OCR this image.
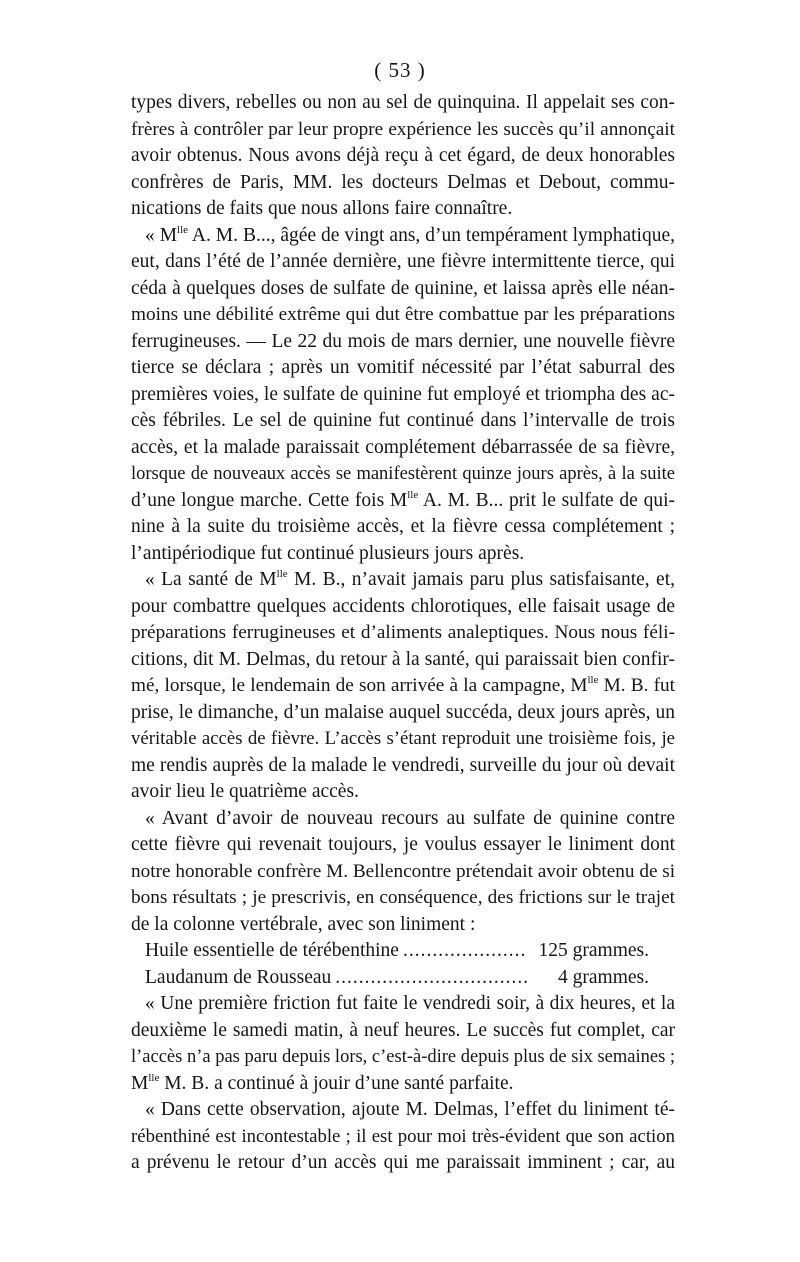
( 53 )
types divers, rebelles ou non au sel de quinquina. Il appelait ses con-
frères à contrôler par leur propre expérience les succès qu’il annonçait
avoir obtenus. Nous avons déjà reçu à cet égard, de deux honorables
confrères de Paris, MM. les docteurs Delmas et Debout, commu-
nications de faits que nous allons faire connaître.
« $M^{lle}$ A. M. B..., âgée de vingt ans, d’un tempérament lymphatique,
eut, dans l’été de l’année dernière, une fièvre intermittente tierce, qui
céda à quelques doses de sulfate de quinine, et laissa après elle néan-
moins une débilité extrême qui dut être combattue par les préparations
ferrugineuses. — Le 22 du mois de mars dernier, une nouvelle fièvre
tierce se déclara ; après un vomitif nécessité par l’état saburral des
premières voies, le sulfate de quinine fut employé et triompha des ac-
cès fébriles. Le sel de quinine fut continué dans l’intervalle de trois
accès, et la malade paraissait complétement débarrassée de sa fièvre,
lorsque de nouveaux accès se manifestèrent quinze jours après, à la suite
d’une longue marche. Cette fois $M^{lle}$ A. M. B... prit le sulfate de qui-
nine à la suite du troisième accès, et la fièvre cessa complétement ;
l’antipériodique fut continué plusieurs jours après.
« La santé de $M^{lle}$ M. B., n’avait jamais paru plus satisfaisante, et,
pour combattre quelques accidents chlorotiques, elle faisait usage de
préparations ferrugineuses et d’aliments analeptiques. Nous nous féli-
citions, dit M. Delmas, du retour à la santé, qui paraissait bien confir-
mé, lorsque, le lendemain de son arrivée à la campagne, $M^{lle}$ M. B. fut
prise, le dimanche, d’un malaise auquel succéda, deux jours après, un
véritable accès de fièvre. L’accès s’étant reproduit une troisième fois, je
me rendis auprès de la malade le vendredi, surveille du jour où devait
avoir lieu le quatrième accès.
« Avant d’avoir de nouveau recours au sulfate de quinine contre
cette fièvre qui revenait toujours, je voulus essayer le liniment dont
notre honorable confrère M. Bellencontre prétendait avoir obtenu de si
bons résultats ; je prescrivis, en conséquence, des frictions sur le trajet
de la colonne vertébrale, avec son liniment :
Huile essentielle de térébenthine .....	125 grammes.
Laudanum de Rousseau .....	4 grammes.
« Une première friction fut faite le vendredi soir, à dix heures, et la
deuxième le samedi matin, à neuf heures. Le succès fut complet, car
l’accès n’a pas paru depuis lors, c’est-à-dire depuis plus de six semaines ;
$M^{lle}$ M. B. a continué à jouir d’une santé parfaite.
« Dans cette observation, ajoute M. Delmas, l’effet du liniment té-
rébenthiné est incontestable ; il est pour moi très-évident que son action
a prévenu le retour d’un accès qui me paraissait imminent ; car, au
